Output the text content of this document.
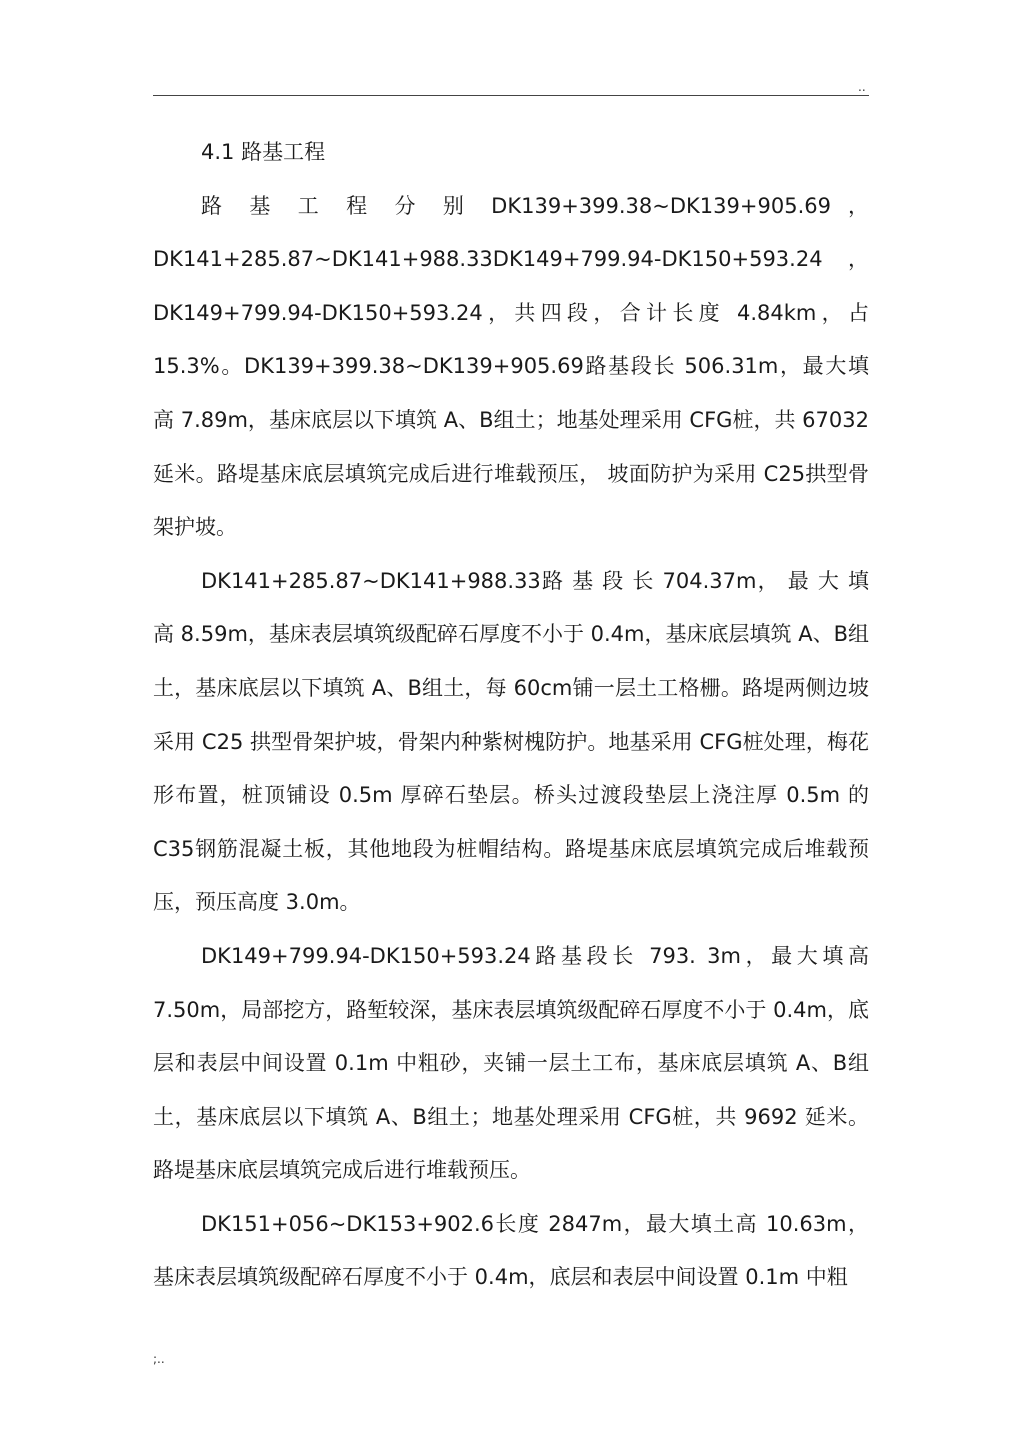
..

4.1 路基工程

路 基 工 程 分 别 DK139+399.38~DK139+905.69 ，DK141+285.87~DK141+988.33DK149+799.94-DK150+593.24，DK149+799.94-DK150+593.24，共四段，合计长度 4.84km，占 15.3%。DK139+399.38~DK139+905.69路基段长 506.31m，最大填高 7.89m，基床底层以下填筑 A、B组土；地基处理采用 CFG桩，共 67032 延米。路堤基床底层填筑完成后进行堆载预压， 坡面防护为采用 C25拱型骨架护坡。

DK141+285.87~DK141+988.33路 基 段 长 704.37m， 最 大 填 高 8.59m，基床表层填筑级配碎石厚度不小于 0.4m，基床底层填筑 A、B组土，基床底层以下填筑 A、B组土，每 60cm铺一层土工格栅。路堤两侧边坡采用 C25 拱型骨架护坡，骨架内种紫树槐防护。地基采用 CFG桩处理，梅花形布置，桩顶铺设 0.5m 厚碎石垫层。桥头过渡段垫层上浇注厚 0.5m 的 C35钢筋混凝土板，其他地段为桩帽结构。路堤基床底层填筑完成后堆载预压，预压高度 3.0m。

DK149+799.94-DK150+593.24路基段长 793. 3m，最大填高 7.50m，局部挖方，路堑较深，基床表层填筑级配碎石厚度不小于 0.4m，底层和表层中间设置 0.1m 中粗砂，夹铺一层土工布，基床底层填筑 A、B组土，基床底层以下填筑 A、B组土；地基处理采用 CFG桩，共 9692 延米。路堤基床底层填筑完成后进行堆载预压。

DK151+056~DK153+902.6长度 2847m，最大填土高 10.63m，基床表层填筑级配碎石厚度不小于 0.4m，底层和表层中间设置 0.1m 中粗

;..
